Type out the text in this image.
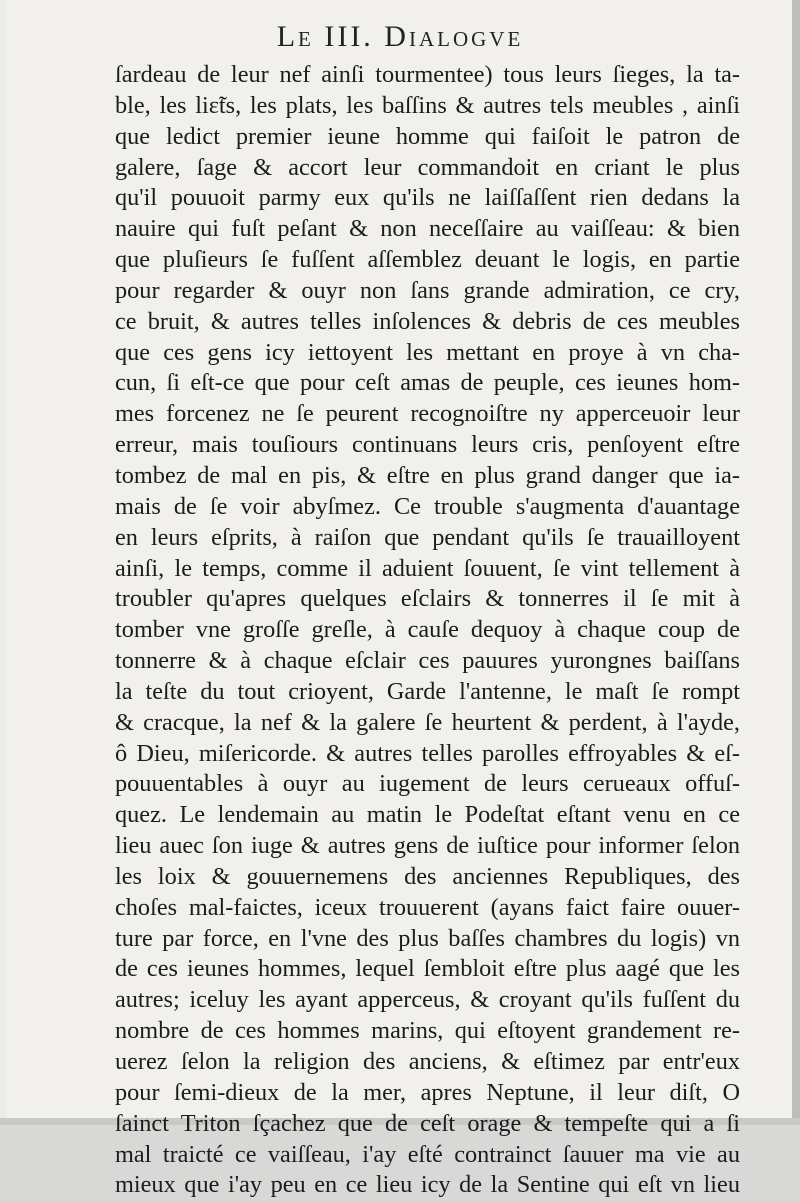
Le III. Dialogve
ſardeau de leur nef ainſi tourmentee) tous leurs ſieges, la ta-
ble, les liɛ̃ts, les plats, les baſſins & autres tels meubles , ainſi
que ledict premier ieune homme qui faiſoit le patron de
galere, ſage & accort leur commandoit en criant le plus
qu'il pouuoit parmy eux qu'ils ne laiſſaſſent rien dedans la
nauire qui fuſt peſant & non neceſſaire au vaiſſeau: & bien
que pluſieurs ſe fuſſent aſſemblez deuant le logis, en partie
pour regarder & ouyr non ſans grande admiration, ce cry,
ce bruit, & autres telles inſolences & debris de ces meubles
que ces gens icy iettoyent les mettant en proye à vn cha-
cun, ſi eſt-ce que pour ceſt amas de peuple, ces ieunes hom-
mes forcenez ne ſe peurent recognoiſtre ny apperceuoir leur
erreur, mais touſiours continuans leurs cris, penſoyent eſtre
tombez de mal en pis, & eſtre en plus grand danger que ia-
mais de ſe voir abyſmez. Ce trouble s'augmenta d'auantage
en leurs eſprits, à raiſon que pendant qu'ils ſe trauailloyent
ainſi, le temps, comme il aduient ſouuent, ſe vint tellement à
troubler qu'apres quelques eſclairs & tonnerres il ſe mit à
tomber vne groſſe greſle, à cauſe dequoy à chaque coup de
tonnerre & à chaque eſclair ces pauures yurongnes baiſſans
la teſte du tout crioyent, Garde l'antenne, le maſt ſe rompt
& cracque, la nef & la galere ſe heurtent & perdent, à l'ayde,
ô Dieu, miſericorde. & autres telles parolles effroyables & eſ-
pouuentables à ouyr au iugement de leurs cerueaux offuſ-
quez. Le lendemain au matin le Podeſtat eſtant venu en ce
lieu auec ſon iuge & autres gens de iuſtice pour informer ſelon
les loix & gouuernemens des anciennes Republiques, des
choſes mal-faictes, iceux trouuerent (ayans faict faire ouuer-
ture par force, en l'vne des plus baſſes chambres du logis) vn
de ces ieunes hommes, lequel ſembloit eſtre plus aagé que les
autres; iceluy les ayant apperceus, & croyant qu'ils fuſſent du
nombre de ces hommes marins, qui eſtoyent grandement re-
uerez ſelon la religion des anciens, & eſtimez par entr'eux
pour ſemi-dieux de la mer, apres Neptune, il leur diſt, O
ſainct Triton ſçachez que de ceſt orage & tempeſte qui a ſi
mal traicté ce vaiſſeau, i'ay eſté contrainct ſauuer ma vie au
mieux que i'ay peu en ce lieu icy de la Sentine qui eſt vn lieu
